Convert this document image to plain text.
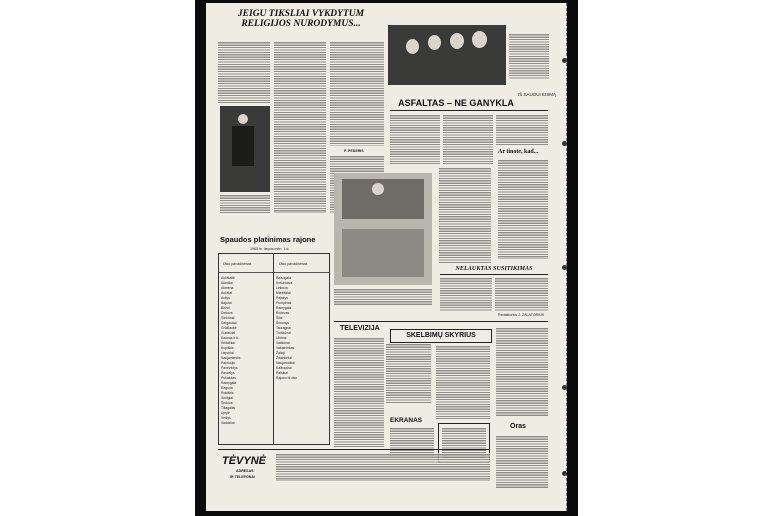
JEIGU TIKSLIAI VYKDYTUM RELIGIJOS NURODYMUS...
P. PEDERIS
IŠ SAUGUI EISMĄ
ASFALTAS – NE GANYKLA
Ar tinote, kad...
NELAUKTAS SUSITIKIMAS
Redaktorius J. ZALATORIUS
Spaudos platinimas rajone
1965 m. liepos mėn. 1 d.
Ūkio pavadinimas	Ūkio pavadinimas
Aukštaitė
Alančiai
Akmena
Aukštai
Avilys
Bajorai
Biržai
Deltuva
Ginkūnai
Gelgaudai
Grūšlaukė
Gudaičiai
Kaunas ir k.
Kėdainiai
Kupiškis
Lieporiai
Naujamiestis
Pakruojis
Panevėžys
Pasvalys
Pušalotas
Ramygala
Raguva
Rokiškis
Smilgiai
Šeduva
Tiltagaliai
Upytė
Velžys
Vadokliai
Baisogala
Krekenava
Linkuva
Miežiškiai
Paįstrys
Pumpėnai
Ramygala
Roževas
Šilai
Šimonys
Tauragnai
Troškūnai
Uliūnai
Vaitkūnai
Vabalninkas
Žalioji
Žibartoniai
Naujarodžiai
Kalbuočiai
Paliukai
Rajono iš viso
TELEVIZIJA
SKELBIMŲ SKYRIUS
EKRANAS
Oras
TĖVYNĖ
ADRESAS
IR TELEFONAI
